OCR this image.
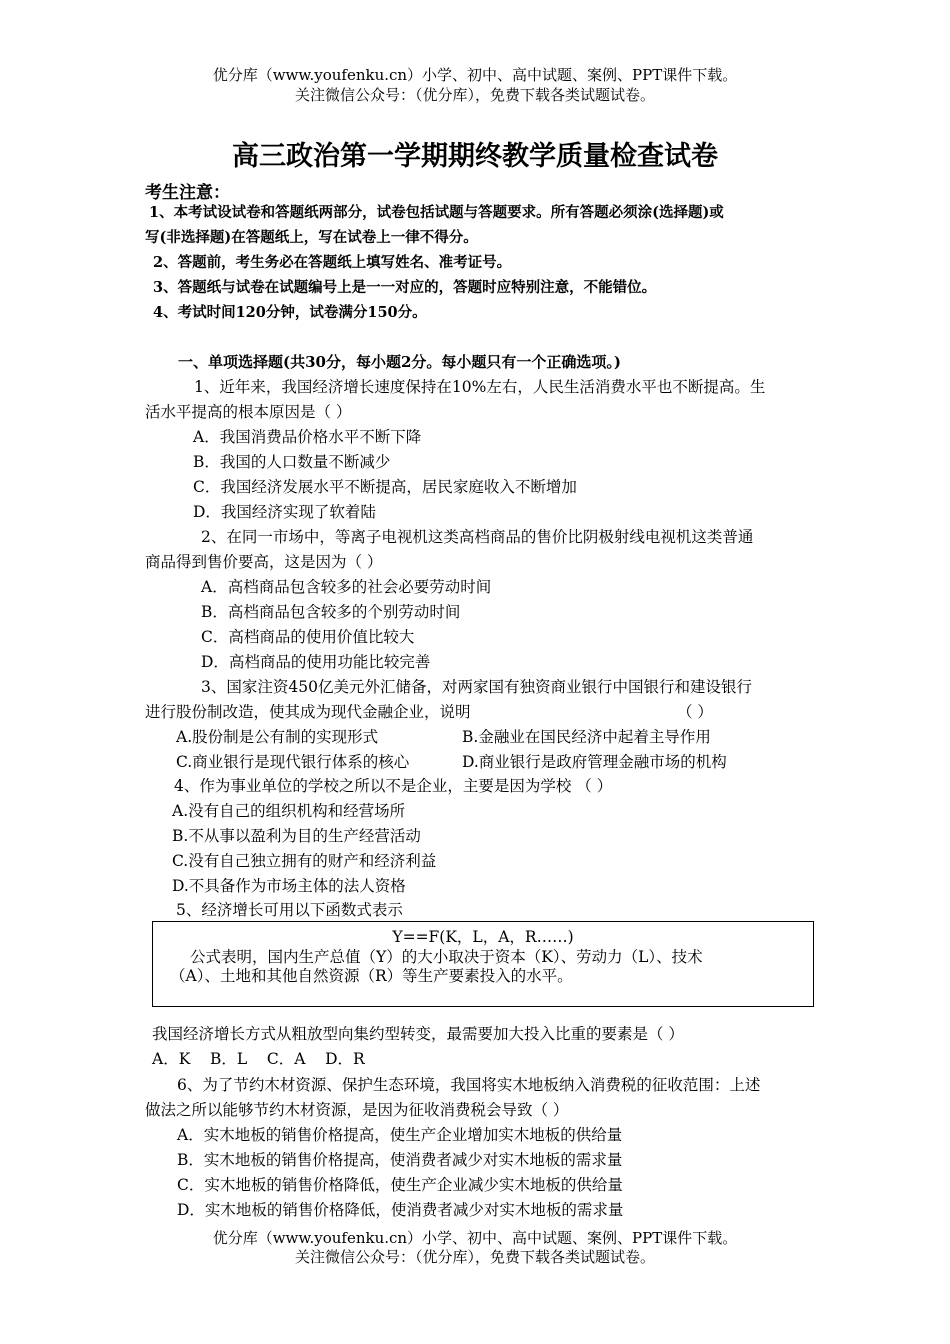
优分库（www.youfenku.cn）小学、初中、高中试题、案例、PPT课件下载。
关注微信公众号：（优分库），免费下载各类试题试卷。
高三政治第一学期期终教学质量检查试卷
考生注意：
1、本考试设试卷和答题纸两部分，试卷包括试题与答题要求。所有答题必须涂(选择题)或
写(非选择题)在答题纸上，写在试卷上一律不得分。
2、答题前，考生务必在答题纸上填写姓名、准考证号。
3、答题纸与试卷在试题编号上是一一对应的，答题时应特别注意，不能错位。
4、考试时间120分钟，试卷满分150分。
一、单项选择题(共30分，每小题2分。每小题只有一个正确选项。)
1、近年来，我国经济增长速度保持在10%左右，人民生活消费水平也不断提高。生
活水平提高的根本原因是（ ）
A．我国消费品价格水平不断下降
B．我国的人口数量不断减少
C．我国经济发展水平不断提高，居民家庭收入不断增加
D．我国经济实现了软着陆
2、在同一市场中，等离子电视机这类高档商品的售价比阴极射线电视机这类普通
商品得到售价要高，这是因为（ ）
A．高档商品包含较多的社会必要劳动时间
B．高档商品包含较多的个别劳动时间
C．高档商品的使用价值比较大
D．高档商品的使用功能比较完善
3、国家注资450亿美元外汇储备，对两家国有独资商业银行中国银行和建设银行
进行股份制改造，使其成为现代金融企业，说明	（ ）
A.股份制是公有制的实现形式	B.金融业在国民经济中起着主导作用
C.商业银行是现代银行体系的核心	D.商业银行是政府管理金融市场的机构
4、作为事业单位的学校之所以不是企业，主要是因为学校 （ ）
A.没有自己的组织机构和经营场所
B.不从事以盈利为目的生产经营活动
C.没有自己独立拥有的财产和经济利益
D.不具备作为市场主体的法人资格
5、经济增长可用以下函数式表示
Y==F(K，L，A，R……)
公式表明，国内生产总值（Y）的大小取决于资本（K）、劳动力（L）、技术
（A）、土地和其他自然资源（R）等生产要素投入的水平。
我国经济增长方式从粗放型向集约型转变，最需要加大投入比重的要素是（ ）
A．K    B．L    C．A    D．R
6、为了节约木材资源、保护生态环境，我国将实木地板纳入消费税的征收范围：上述
做法之所以能够节约木材资源，是因为征收消费税会导致（ ）
A．实木地板的销售价格提高，使生产企业增加实木地板的供给量
B．实木地板的销售价格提高，使消费者减少对实木地板的需求量
C．实木地板的销售价格降低，使生产企业减少实木地板的供给量
D．实木地板的销售价格降低，使消费者减少对实木地板的需求量
优分库（www.youfenku.cn）小学、初中、高中试题、案例、PPT课件下载。
关注微信公众号：（优分库），免费下载各类试题试卷。
